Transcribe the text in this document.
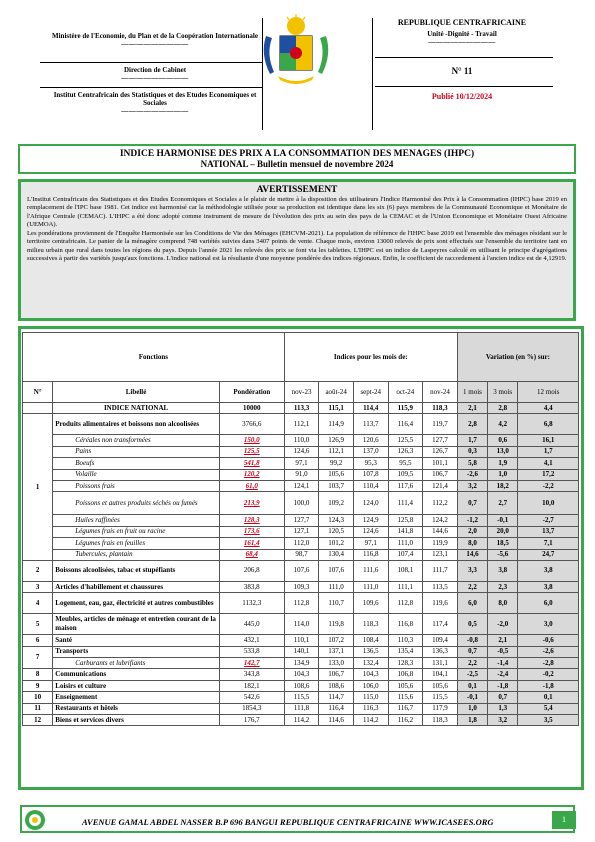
Ministère de l'Economie, du Plan et de la Coopération Internationale
—————————
Direction de Cabinet
—————————
Institut Centrafricain des Statistiques et des Etudes Economiques et Sociales
—————————
REPUBLIQUE CENTRAFRICAINE
Unité -Dignité - Travail
—————————
N° 11
Publié 10/12/2024
INDICE HARMONISE DES PRIX A LA CONSOMMATION DES MENAGES (IHPC)
NATIONAL – Bulletin mensuel de novembre 2024
AVERTISSEMENT

L'Institut Centrafricain des Statistiques et des Etudes Economiques et Sociales a le plaisir de mettre à la disposition des utilisateurs l'Indice Harmonisé des Prix à la Consommation (IHPC) base 2019 en remplacement de l'IPC base 1981. Cet indice est harmonisé car la méthodologie utilisée pour sa production est identique dans les six (6) pays membres de la Communauté Economique et Monétaire de l'Afrique Centrale (CEMAC). L'IHPC a été donc adopté comme instrument de mesure de l'évolution des prix au sein des pays de la CEMAC et de l'Union Economique et Monétaire Ouest Africaine (UEMOA).

Les pondérations proviennent de l'Enquête Harmonisée sur les Conditions de Vie des Ménages (EHCVM-2021). La population de référence de l'IHPC base 2019 est l'ensemble des ménages résidant sur le territoire centrafricain. Le panier de la ménagère comprend 748 variétés suivies dans 3407 points de vente. Chaque mois, environ 13000 relevés de prix sont effectués sur l'ensemble du territoire tant en milieu urbain que rural dans toutes les régions du pays. Depuis l'année 2021 les relevés des prix se font via les tablettes. L'IHPC est un indice de Laspeyres calculé en utilisant le principe d'agrégations successives à partir des variétés jusqu'aux fonctions. L'indice national est la résultante d'une moyenne pondérée des indices régionaux. Enfin, le coefficient de raccordement à l'ancien indice est de 4,12919.

Fonctions			Indices pour les mois de:					Variation (en %) sur:		
N°	Libellé	Pondération	nov-23	août-24	sept-24	oct-24	nov-24	1 mois	3 mois	12 mois
	INDICE NATIONAL	10000	113,3	115,1	114,4	115,9	118,3	2,1	2,8	4,4
1	Produits alimentaires et boissons non alcoolisées	3766,6	112,1	114,9	113,7	116,4	119,7	2,8	4,2	6,8
	Céréales non transformées	150,0	110,0	126,9	120,6	125,5	127,7	1,7	0,6	16,1
	Pains	125,5	124,6	112,1	137,0	126,3	126,7	0,3	13,0	1,7
	Boeufs	541,8	97,1	99,2	95,3	95,5	101,1	5,8	1,9	4,1
	Volaille	120,2	91,0	105,6	107,8	109,5	106,7	-2,6	1,0	17,2
	Poissons frais	61,0	124,1	103,7	110,4	117,6	121,4	3,2	18,2	-2,2
	Poissons et autres produits séchés ou fumés	213,9	100,0	109,2	124,0	111,4	112,2	0,7	2,7	10,0
	Huiles raffinées	128,3	127,7	124,3	124,9	125,8	124,2	-1,2	-0,1	-2,7
	Légumes frais en fruit ou racine	173,6	127,1	120,5	124,6	141,8	144,6	2,0	20,0	13,7
	Légumes frais en feuilles	161,4	112,0	101,2	97,1	111,0	119,9	8,0	18,5	7,1
	Tubercules, plantain	68,4	98,7	130,4	116,8	107,4	123,1	14,6	-5,6	24,7
2	Boissons alcoolisées, tabac et stupéfiants	206,8	107,6	107,6	111,6	108,1	111,7	3,3	3,8	3,8
3	Articles d'habillement et chaussures	383,8	109,3	111,0	111,0	111,1	113,5	2,2	2,3	3,8
4	Logement, eau, gaz, électricité et autres combustibles	1132,3	112,8	110,7	109,6	112,8	119,6	6,0	8,0	6,0
5	Meubles, articles de ménage et entretien courant de la maison	445,0	114,0	119,8	118,3	116,8	117,4	0,5	-2,0	3,0
6	Santé	432,1	110,1	107,2	108,4	110,3	109,4	-0,8	2,1	-0,6
7	Transports	533,8	140,1	137,1	136,5	135,4	136,3	0,7	-0,5	-2,6
	Carburants et lubrifiants	142,7	134,9	133,0	132,4	128,3	131,1	2,2	-1,4	-2,8
8	Communications	343,8	104,3	106,7	104,3	106,8	104,1	-2,5	-2,4	-0,2
9	Loisirs et culture	182,1	108,6	108,6	106,0	105,6	105,6	0,1	-1,8	-1,8
10	Enseignement	542,6	115,5	114,7	115,0	115,6	115,5	-0,1	0,7	0,1
11	Restaurants et hôtels	1854,3	111,8	116,4	116,3	116,7	117,9	1,0	1,3	5,4
12	Biens et services divers	176,7	114,2	114,6	114,2	116,2	118,3	1,8	3,2	3,5
AVENUE GAMAL ABDEL NASSER B.P 696 BANGUI REPUBLIQUE CENTRAFRICAINE WWW.ICASEES.ORG	1
